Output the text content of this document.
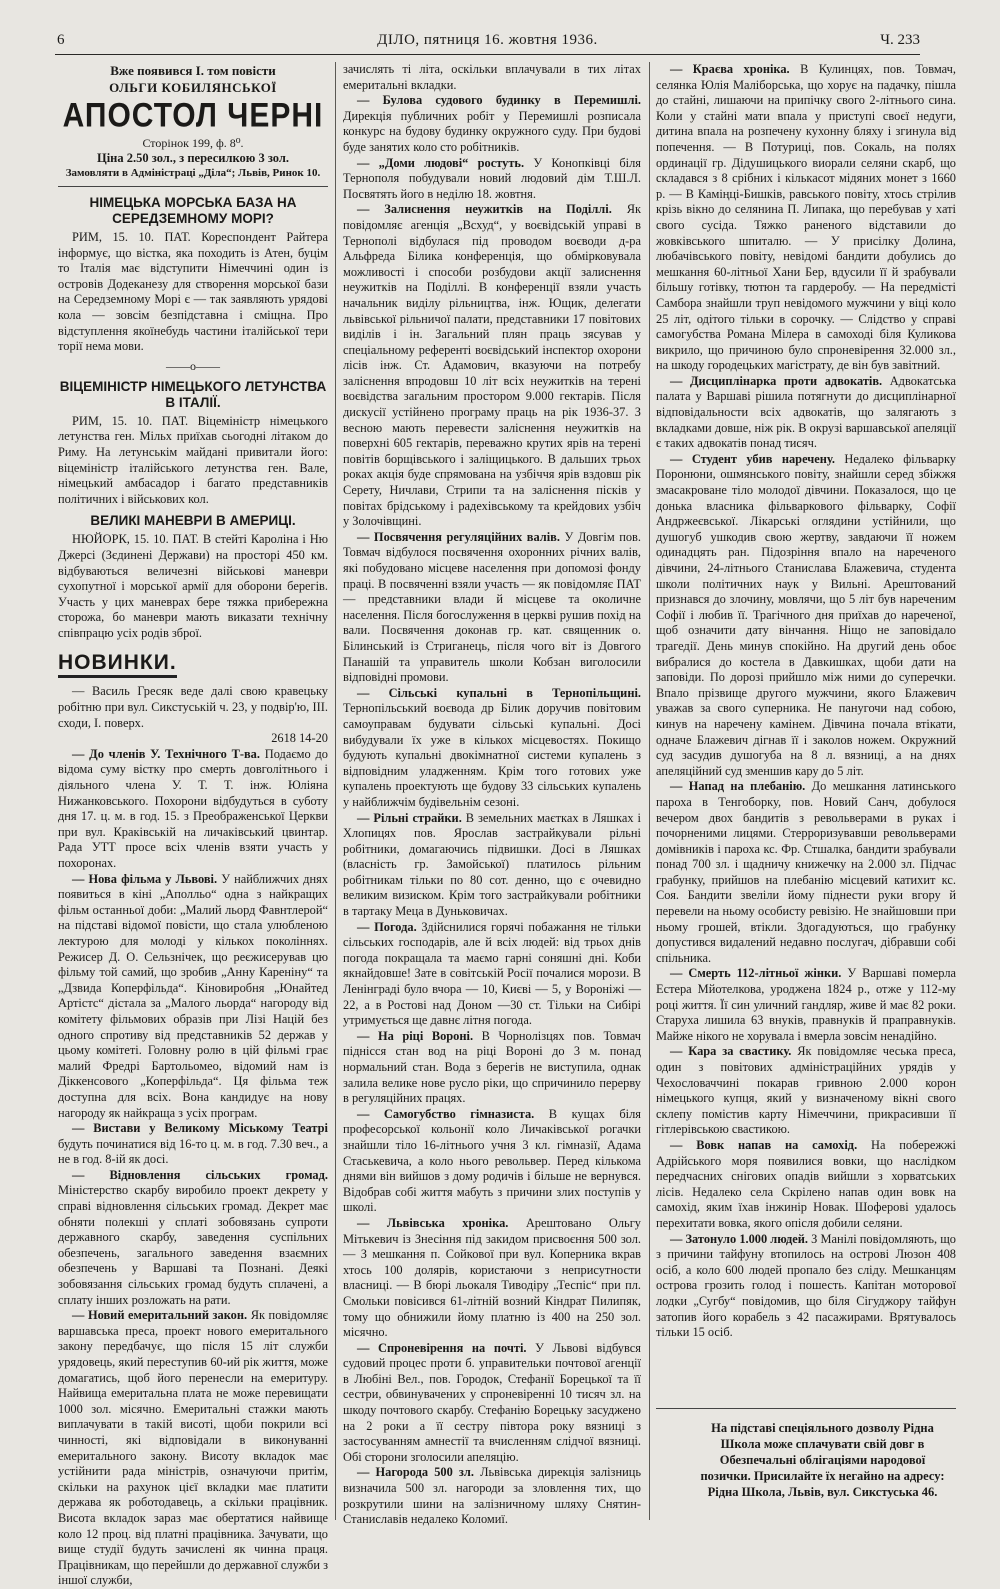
6	ДІЛО, пятниця 16. жовтня 1936.	Ч. 233
Вже появився I. том повісти
ОЛЬГИ КОБИЛЯНСЬКОЇ
АПОСТОЛ ЧЕРНІ
Сторінок 199, ф. 8⁰.
Ціна 2.50 зол., з пересилкою 3 зол.
Замовляти в Адміністраці „Діла“; Львів, Ринок 10.
НІМЕЦЬКА МОРСЬКА БАЗА НА СЕРЕДЗЕМНОМУ МОРІ?

РИМ, 15. 10. ПАТ. Кореспондент Райтера інформує, що вістка, яка походить із Атен, буцім то Італія має відступити Німеччині один із островів Додеканезу для створення морської бази на Середземному Морі є — так заявляють урядові кола — зовсім безпідставна і сміщна. Про відступлення якоїнебудь частини італійської тери торії нема мови.

——o——
ВІЦЕМІНІСТР НІМЕЦЬКОГО ЛЕТУНСТВА В ІТАЛІЇ.

РИМ, 15. 10. ПАТ. Віцеміністр німецького летунства ген. Мільх приїхав сьогодні літаком до Риму. На летунськім майдані привитали його: віцеміністр італійського летунства ген. Вале, німецький амбасадор і багато представників політичних і військових кол.

ВЕЛИКІ МАНЕВРИ В АМЕРИЦІ.

НЮЙОРК, 15. 10. ПАТ. В стейті Кароліна і Ню Джерсі (Зєдинені Держави) на просторі 450 км. відбуваються величезні військові маневри сухопутної і морської армії для оборони берегів. Участь у цих маневрах бере тяжка прибережна сторожа, бо маневри мають виказати технічну співпрацю усіх родів зброї.

НОВИНКИ.

— Василь Гресяк веде далі свою кравецьку робітню при вул. Сикстуській ч. 23, у подвір'ю, III. сходи, I. поверх.

2618 14-20

— До членів У. Технічного Т-ва. Подаємо до відома суму вістку про смерть довголітнього і діяльного члена У. Т. Т. інж. Юліяна Нижанковського. Похорони відбудуться в суботу дня 17. ц. м. в год. 15. з Преображенської Церкви при вул. Краківській на личаківський цвинтар. Рада УТТ просе всіх членів взяти участь у похоронах.

— Нова фільма у Львові. У найближчих днях появиться в кіні „Аполльо“ одна з найкращих фільм останньої доби: „Малий льорд Фавнтлерой“ на підставі відомої повісти, що стала улюбленою лектурою для молоді у кількох поколіннях. Режисер Д. О. Сельзнічек, що реєжисерував цю фільму той самий, що зробив „Анну Кареніну“ та „Дзвида Коперфільда“. Кіновиробня „Юнайтед Артістс“ дістала за „Малого льорда“ нагороду від комітету фільмових образів при Лізі Націй без одного спротиву від представників 52 держав у цьому комітеті. Головну ролю в цій фільмі грає малий Фредрі Бартольомео, відомий нам із Діккенсового „Коперфільда“. Ця фільма теж доступна для всіх. Вона кандидує на нову нагороду як найкраща з усіх програм.

— Вистави у Великому Міському Театрі будуть починатися від 16-то ц. м. в год. 7.30 веч., а не в год. 8-ій як досі.

— Відновлення сільських громад. Міністерство скарбу виробило проект декрету у справі відновлення сільських громад. Декрет має обняти полекші у сплаті зобовязань супроти державного скарбу, заведення суспільних обезпечень, загального заведення взаємних обезпечень у Варшаві та Познані. Деякі зобовязання сільських громад будуть сплачені, а сплату інших розложать на рати.

— Новий емеритальний закон. Як повідомляє варшавська преса, проект нового емеритального закону передбачує, що після 15 літ служби урядовець, який переступив 60-ий рік життя, може домагатись, щоб його перенесли на емеритуру. Найвища емеритальна плата не може перевищати 1000 зол. місячно. Емеритальні стажки мають виплачувати в такій висоті, щоби покрили всі чинності, які відповідали в виконуванні емеритального закону. Висоту вкладок має устійнити рада міністрів, означуючи притім, скільки на рахунок цієї вкладки має платити держава як роботодавець, а скільки працівник. Висота вкладок зараз має обертатися найвище коло 12 проц. від платні працівника. Зачувати, що вище студії будуть зачислені як чинна праця. Працівникам, що перейшли до державної служби з іншої служби,

зачислять ті літа, оскільки вплачували в тих літах емеритальні вкладки.

— Булова судового будинку в Перемишлі. Дирекція публичних робіт у Перемишлі розписала конкурс на будову будинку окружного суду. При будові буде занятих коло сто робітників.

— „Доми людові“ ростуть. У Конопківці біля Тернополя побудували новий людовий дім Т.Ш.Л. Посвятять його в неділю 18. жовтня.

— Залиснення неужитків на Поділлі. Як повідомляє агенція „Всхуд“, у воєвідській управі в Тернополі відбулася під проводом воєводи д-ра Альфреда Білика конференція, що обмірковувала можливості і способи розбудови акції залиснення неужитків на Поділлі. В конференції взяли участь начальник виділу рільництва, інж. Ющик, делегати львівської рільничої палати, представники 17 повітових виділів і ін. Загальний плян праць зясував у спеціальному референті воєвідський інспектор охорони лісів інж. Ст. Адамович, вказуючи на потребу заліснення впродовш 10 літ всіх неужитків на терені воєвідства загальним простором 9.000 гектарів. Після дискусії устійнено програму праць на рік 1936-37. З весною мають перевести заліснення неужитків на поверхні 605 гектарів, переважно крутих ярів на терені повітів борщівського і заліщицького. В дальших трьох роках акція буде спрямована на узбіччя ярів вздовш рік Серету, Ничлави, Стрипи та на заліснення пісків у повітах брідському і радехівському та крейдових узбіч у Золочівщині.

— Посвячення регуляційних валів. У Довгім пов. Товмач відбулося посвячення охоронних річних валів, які побудовано місцеве населення при допомозі фонду праці. В посвяченні взяли участь — як повідомляє ПАТ — представники влади й місцеве та околичне населення. Після богослуження в церкві рушив похід на вали. Посвячення доконав гр. кат. священник о. Білинський із Стриганець, після чого віт із Довгого Панашій та управитель школи Кобзан виголосили відповідні промови.

— Сільські купальні в Тернопільщині. Тернопільський воєвода др Білик доручив повітовим самоуправам будувати сільські купальні. Досі вибудували їх уже в кількох місцевостях. Покищо будують купальні двокімнатної системи купалень з відповідним уладженням. Крім того готових уже купалень проектують ще будову 33 сільських купалень у найближчім будівельнім сезоні.

— Рільні страйки. В земельних маєтках в Ляшках і Хлопицях пов. Ярослав застрайкували рільні робітники, домагаючись підвишки. Досі в Ляшках (власність гр. Замойської) платилось рільним робітникам тільки по 80 сот. денно, що є очевидно великим визиском. Крім того застрайкували робітники в тартаку Меца в Дуньковичах.

— Погода. Здійснилися горячі побажання не тільки сільських господарів, але й всіх людей: від трьох днів погода покращала та маємо гарні соняшні дні. Коби якнайдовше! Зате в совітській Росії почалися морози. В Ленінграді було вчора — 10, Києві — 5, у Вороніжі — 22, а в Ростові над Доном —30 ст. Тільки на Сибірі утримується ще давнє літня погода.

— На ріці Вороні. В Чорнолізцях пов. Товмач піднісся стан вод на ріці Вороні до 3 м. понад нормальний стан. Вода з берегів не виступила, однак залила велике нове русло ріки, що спричинило перерву в регуляційних працях.

— Самогубство гімназиста. В кущах біля професорської кольонії коло Личаківської рогачки знайшли тіло 16-літнього учня 3 кл. гімназії, Адама Стаськевича, а коло нього револьвер. Перед кількома днями він вийшов з дому родичів і більше не вернувся. Відобрав собі життя мабуть з причини злих поступів у школі.

— Львівська хроніка. Арештовано Ольгу Мітькевич із Знесіння під закидом присвоєння 500 зол. — З мешкання п. Сойкової при вул. Коперника вкрав хтось 100 долярів, користаючи з неприсутности власниці. — В бюрі льокаля Тиводіру „Теспіс“ при пл. Смольки повісився 61-літній возний Кіндрат Пилипяк, тому що обнижили йому платню із 400 на 250 зол. місячно.

— Спроневірення на почті. У Львові відбувся судовий процес проти б. управительки почтової агенції в Любіні Вел., пов. Городок, Стефанії Борецької та її сестри, обвинувачених у спроневіренні 10 тисяч зл. на шкоду почтового скарбу. Стефанію Борецьку засуджено на 2 роки а її сестру півтора року вязниці з застосуванням амнестії та вчисленням слідчої вязниці. Обі сторони зголосили апеляцію.

— Нагорода 500 зл. Львівська дирекція залізниць визначила 500 зл. нагороди за зловлення тих, що розкрутили шини на залізничному шляху Снятин-Станиславів недалеко Коломиї.

— Краєва хроніка. В Кулинцях, пов. Товмач, селянка Юлія Маліборська, що хорує на падачку, пішла до стайні, лишаючи на припічку свого 2-літнього сина. Коли у стайні мати впала у приступі своєї недуги, дитина впала на розпечену кухонну бляху і згинула від попечення. — В Потуриці, пов. Сокаль, на полях ординації гр. Дідушицького виорали селяни скарб, що складався з 8 срібних і кількасот мідяних монет з 1660 р. — В Каміңці-Бишків, равського повіту, хтось стрілив крізь вікно до селянина П. Липака, що перебував у хаті свого сусіда. Тяжко раненого відставили до жовківського шпиталю. — У присілку Долина, любачівського повіту, невідомі бандити добулись до мешкання 60-літньої Хани Бер, вдусили її й зрабували більшу готівку, тютюн та гардеробу. — На передмісті Самбора знайшли труп невідомого мужчини у віці коло 25 літ, одітого тільки в сорочку. — Слідство у справі самогубства Романа Мілера в самоході біля Куликова викрило, що причиною було спроневірення 32.000 зл., на шкоду городецьких магістрату, де він був завітний.

— Дисциплінарка проти адвокатів. Адвокатська палата у Варшаві рішила потягнути до дисциплінарної відповідальности всіх адвокатів, що залягають з вкладками довше, ніж рік. В окрузі варшавської апеляції є таких адвокатів понад тисяч.

— Студент убив наречену. Недалеко фільварку Поронюни, ошмянського повіту, знайшли серед збіжжя змасакроване тіло молодої дівчини. Показалося, що це донька власника фільваркового фільварку, Софії Андржеєвської. Лікарські оглядини устійнили, що душогуб ушкодив свою жертву, завдаючи її ножем одинадцять ран. Підозріння впало на нареченого дівчини, 24-літнього Станислава Блажевича, студента школи політичних наук у Вильні. Арештований признався до злочину, мовлячи, що 5 літ був нареченим Софії і любив її. Трагічного дня приїхав до нареченої, щоб означити дату вінчання. Ніщо не заповідало трагедії. День минув спокійно. На другий день обоє вибралися до костела в Давкишках, щоби дати на заповіди. По дорозі прийшло між ними до суперечки. Впало прізвище другого мужчини, якого Блажевич уважав за свого суперника. Не панугочи над собою, кинув на наречену камінем. Дівчина почала втікати, одначе Блажевич дігнав її і заколов ножем. Окружний суд засудив душогуба на 8 л. вязниці, а на днях апеляційний суд зменшив кару до 5 літ.

— Напад на плебанію. До мешкання латинського пароха в Тенгоборку, пов. Новий Санч, добулося вечером двох бандитів з револьверами в руках і почорненими лицями. Стерроризувавши револьверами домівників і пароха кс. Фр. Стшалка, бандити зрабували понад 700 зл. і щадничу книжечку на 2.000 зл. Підчас грабунку, прийшов на плебанію місцевий катихит кс. Соя. Бандити звеліли йому піднести руки вгору й перевели на ньому особисту ревізію. Не знайшовши при ньому грошей, втікли. Здогадуються, що грабунку допустився видалений недавно послугач, дібравши собі спільника.

— Смерть 112-літньої жінки. У Варшаві померла Естера Мйотелкова, уроджена 1824 р., отже у 112-му році життя. Її син уличний гандляр, живе й має 82 роки. Старуха лишила 63 внуків, правнуків й праправнуків. Майже нікого не хорувала і вмерла зовсім ненадійно.

— Кара за свастику. Як повідомляє чеська преса, один з повітових адміністраційних урядів у Чехословаччині покарав гривною 2.000 корон німецького купця, який у визначеному вікні свого склепу помістив карту Німеччини, прикрасивши її гітлерівською свастикою.

— Вовк напав на самохід. На побережжі Адрійського моря появилися вовки, що наслідком передчасних снігових опадів вийшли з хорватських лісів. Недалеко села Скрілено напав один вовк на самохід, яким їхав інжинір Новак. Шоферові удалось перехитати вовка, якого опісля добили селяни.

— Затонуло 1.000 людей. З Манілі повідомляють, що з причини тайфуну втопилось на острові Люзон 408 осіб, а коло 600 людей пропало без сліду. Мешканцям острова грозить голод і пошесть. Капітан моторової лодки „Сугбу“ повідомив, що біля Сігуджору тайфун затопив його корабель з 42 пасажирами. Врятувалось тільки 15 осіб.

На підставі спеціяльного дозволу Рідна Школа може сплачувати свій довг в Обезпечальні облігаціями народової позички. Присилайте їх негайно на адресу: Рідна Школа, Львів, вул. Сикстуська 46.
